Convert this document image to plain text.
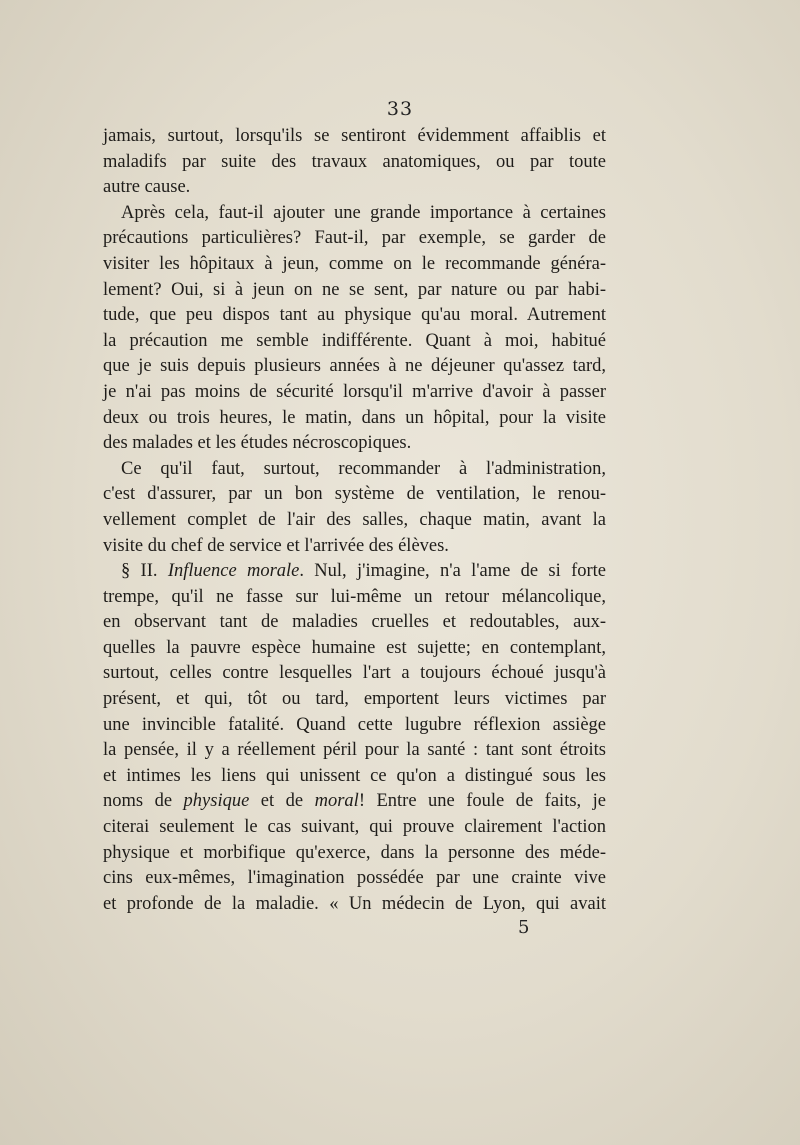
33
jamais, surtout, lorsqu'ils se sentiront évidemment affaiblis et
maladifs par suite des travaux anatomiques, ou par toute
autre cause.
Après cela, faut-il ajouter une grande importance à certaines
précautions particulières? Faut-il, par exemple, se garder de
visiter les hôpitaux à jeun, comme on le recommande généra-
lement? Oui, si à jeun on ne se sent, par nature ou par habi-
tude, que peu dispos tant au physique qu'au moral. Autrement
la précaution me semble indifférente. Quant à moi, habitué
que je suis depuis plusieurs années à ne déjeuner qu'assez tard,
je n'ai pas moins de sécurité lorsqu'il m'arrive d'avoir à passer
deux ou trois heures, le matin, dans un hôpital, pour la visite
des malades et les études nécroscopiques.
Ce qu'il faut, surtout, recommander à l'administration,
c'est d'assurer, par un bon système de ventilation, le renou-
vellement complet de l'air des salles, chaque matin, avant la
visite du chef de service et l'arrivée des élèves.
§ II. Influence morale. Nul, j'imagine, n'a l'ame de si forte
trempe, qu'il ne fasse sur lui-même un retour mélancolique,
en observant tant de maladies cruelles et redoutables, aux-
quelles la pauvre espèce humaine est sujette; en contemplant,
surtout, celles contre lesquelles l'art a toujours échoué jusqu'à
présent, et qui, tôt ou tard, emportent leurs victimes par
une invincible fatalité. Quand cette lugubre réflexion assiège
la pensée, il y a réellement péril pour la santé : tant sont étroits
et intimes les liens qui unissent ce qu'on a distingué sous les
noms de physique et de moral! Entre une foule de faits, je
citerai seulement le cas suivant, qui prouve clairement l'action
physique et morbifique qu'exerce, dans la personne des méde-
cins eux-mêmes, l'imagination possédée par une crainte vive
et profonde de la maladie. « Un médecin de Lyon, qui avait
5
